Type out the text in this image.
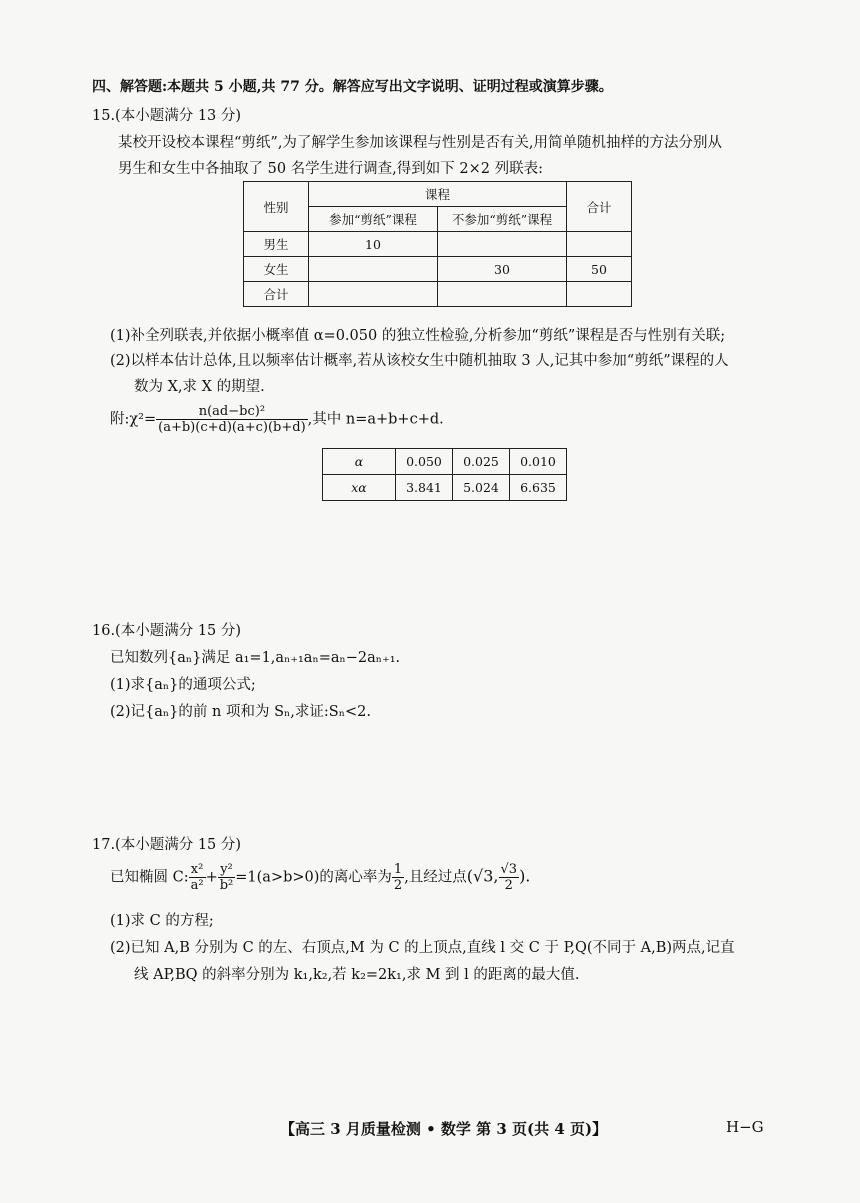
四、解答题:本题共 5 小题,共 77 分。解答应写出文字说明、证明过程或演算步骤。
15.(本小题满分 13 分)
某校开设校本课程“剪纸”,为了解学生参加该课程与性别是否有关,用简单随机抽样的方法分别从
男生和女生中各抽取了 50 名学生进行调查,得到如下 2×2 列联表:
性别	课程		合计
	参加“剪纸”课程	不参加“剪纸”课程	
男生	10		
女生		30	50
合计			
(1)补全列联表,并依据小概率值 α=0.050 的独立性检验,分析参加“剪纸”课程是否与性别有关联;
(2)以样本估计总体,且以频率估计概率,若从该校女生中随机抽取 3 人,记其中参加“剪纸”课程的人
数为 X,求 X 的期望.
附:χ²= $\frac{\text{n(ad−bc)²}}{(a+b)(c+d)(a+c)(b+d)}$ ,其中 n=a+b+c+d.
α	0.050	0.025	0.010
xα	3.841	5.024	6.635
16.(本小题满分 15 分)
已知数列{aₙ}满足 a₁=1,aₙ₊₁aₙ=aₙ−2aₙ₊₁.
(1)求{aₙ}的通项公式;
(2)记{aₙ}的前 n 项和为 Sₙ,求证:Sₙ<2.
17.(本小题满分 15 分)
已知椭圆 C: $\frac{\text{x²}}{\text{a²}} + \frac{\text{y²}}{\text{b²}} =1(a>b>0)$的离心率为 $\frac{1}{2}$ ,且经过点(√3, $\frac{√3}{2}$ ).
(1)求 C 的方程;
(2)已知 A,B 分别为 C 的左、右顶点,M 为 C 的上顶点,直线 l 交 C 于 P,Q(不同于 A,B)两点,记直
线 AP,BQ 的斜率分别为 k₁,k₂,若 k₂=2k₁,求 M 到 l 的距离的最大值.
【高三 3 月质量检测 • 数学 第 3 页(共 4 页)】	H−G
